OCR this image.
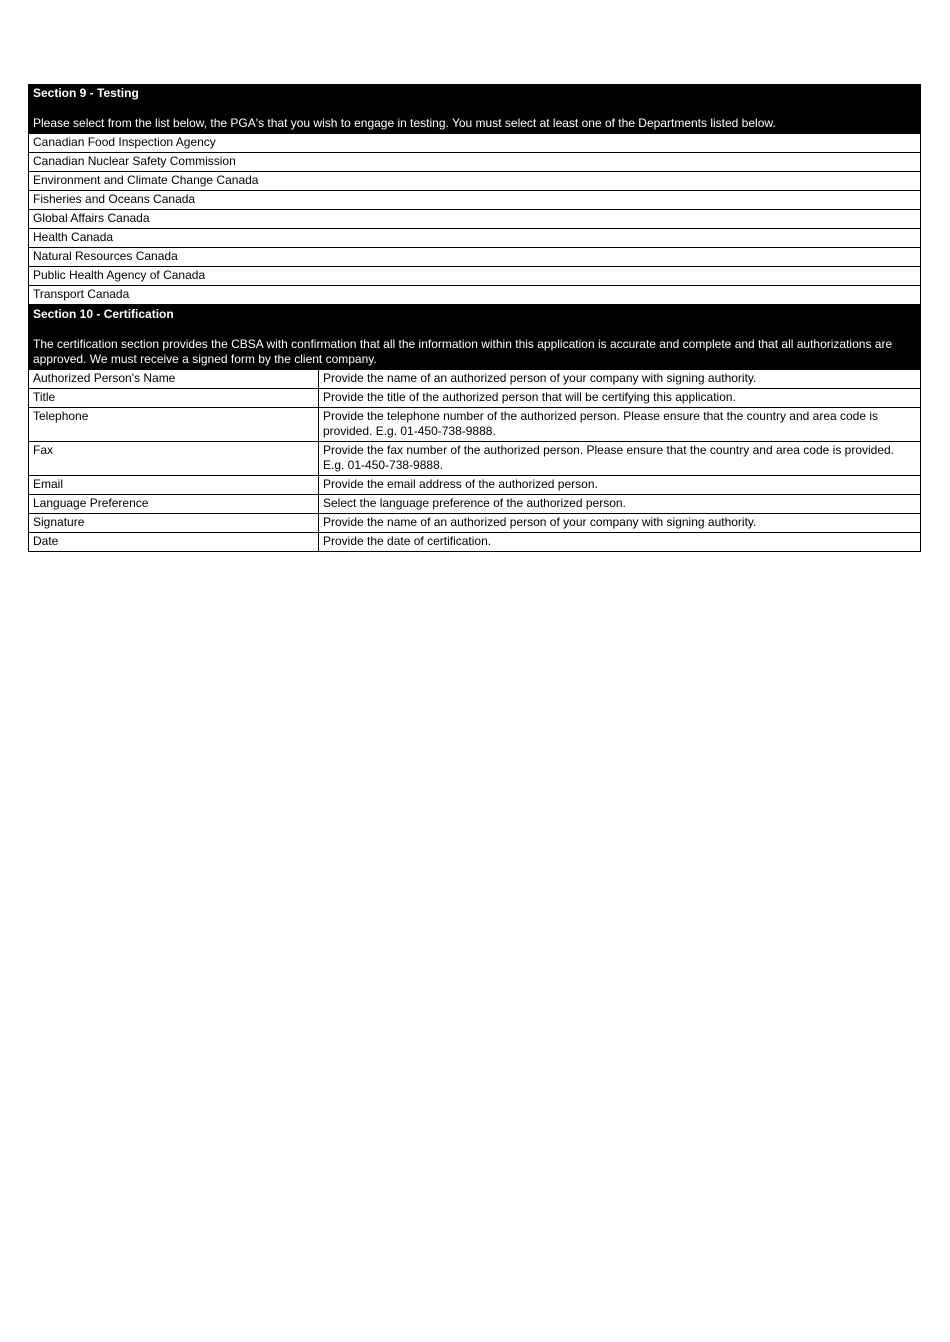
Section 9 - Testing
Please select from the list below, the PGA's that you wish to engage in testing. You must select at least one of the Departments listed below.

Canadian Food Inspection Agency
Canadian Nuclear Safety Commission
Environment and Climate Change Canada
Fisheries and Oceans Canada
Global Affairs Canada
Health Canada
Natural Resources Canada
Public Health Agency of Canada
Transport Canada
Section 10 - Certification
The certification section provides the CBSA with confirmation that all the information within this application is accurate and complete and that all authorizations are approved. We must receive a signed form by the client company.	

Authorized Person's Name	Provide the name of an authorized person of your company with signing authority.
Title	Provide the title of the authorized person that will be certifying this application.
Telephone	Provide the telephone number of the authorized person. Please ensure that the country and area code is provided. E.g. 01-450-738-9888.
Fax	Provide the fax number of the authorized person. Please ensure that the country and area code is provided. E.g. 01-450-738-9888.
Email	Provide the email address of the authorized person.
Language Preference	Select the language preference of the authorized person.
Signature	Provide the name of an authorized person of your company with signing authority.
Date	Provide the date of certification.
